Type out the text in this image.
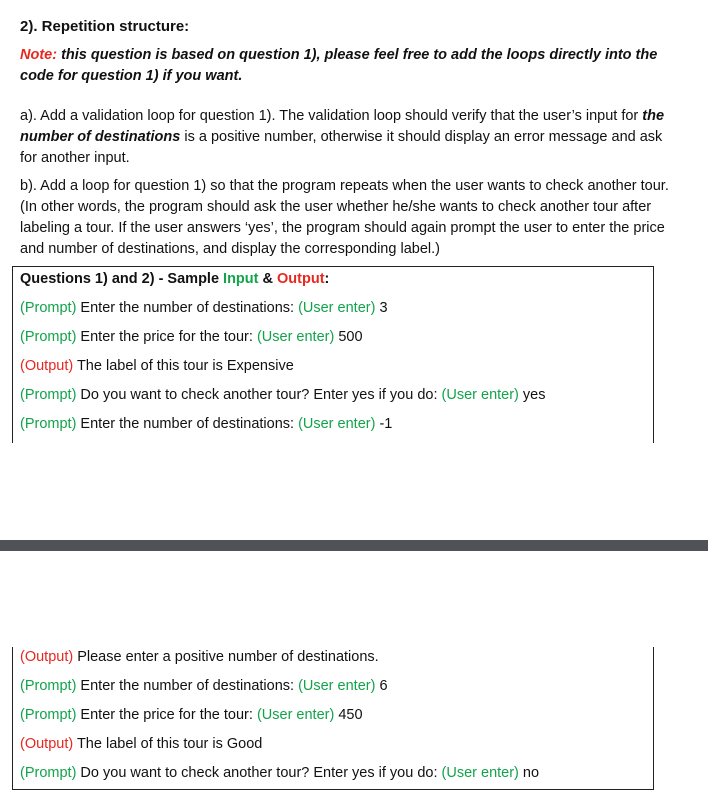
2). Repetition structure:
Note: this question is based on question 1), please feel free to add the loops directly into the code for question 1) if you want.
a). Add a validation loop for question 1). The validation loop should verify that the user’s input for the number of destinations is a positive number, otherwise it should display an error message and ask for another input.
b). Add a loop for question 1) so that the program repeats when the user wants to check another tour. (In other words, the program should ask the user whether he/she wants to check another tour after labeling a tour. If the user answers ‘yes’, the program should again prompt the user to enter the price and number of destinations, and display the corresponding label.)
Questions 1) and 2) - Sample Input & Output:
(Prompt) Enter the number of destinations: (User enter) 3
(Prompt) Enter the price for the tour: (User enter) 500
(Output) The label of this tour is Expensive
(Prompt) Do you want to check another tour? Enter yes if you do: (User enter) yes
(Prompt) Enter the number of destinations: (User enter) -1
(Output) Please enter a positive number of destinations.
(Prompt) Enter the number of destinations: (User enter) 6
(Prompt) Enter the price for the tour: (User enter) 450
(Output) The label of this tour is Good
(Prompt) Do you want to check another tour? Enter yes if you do: (User enter) no
